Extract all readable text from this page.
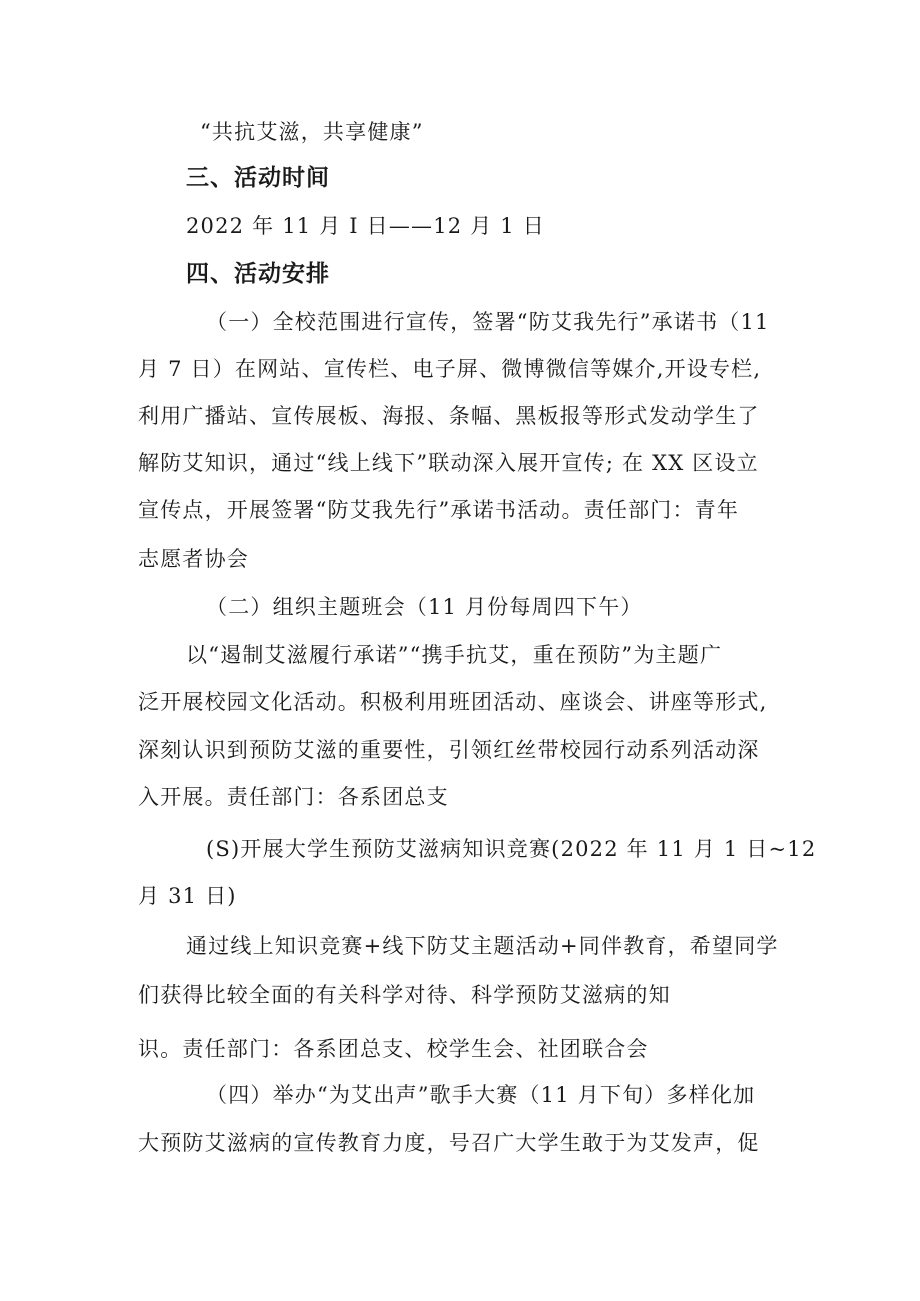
“共抗艾滋，共享健康”
三、活动时间
2022 年 11 月 I 日——12 月 1 日
四、活动安排
（一）全校范围进行宣传，签署“防艾我先行”承诺书（11
月 7 日）在网站、宣传栏、电子屏、微博微信等媒介,开设专栏,
利用广播站、宣传展板、海报、条幅、黑板报等形式发动学生了
解防艾知识，通过“线上线下”联动深入展开宣传; 在 XX 区设立
宣传点，开展签署“防艾我先行”承诺书活动。责任部门：青年
志愿者协会
（二）组织主题班会（11 月份每周四下午）
以“遏制艾滋履行承诺”“携手抗艾，重在预防”为主题广
泛开展校园文化活动。积极利用班团活动、座谈会、讲座等形式,
深刻认识到预防艾滋的重要性，引领红丝带校园行动系列活动深
入开展。责任部门：各系团总支
(S)开展大学生预防艾滋病知识竞赛(2022 年 11 月 1 日~12
月 31 日)
通过线上知识竞赛+线下防艾主题活动+同伴教育，希望同学
们获得比较全面的有关科学对待、科学预防艾滋病的知
识。责任部门：各系团总支、校学生会、社团联合会
（四）举办“为艾出声”歌手大赛（11 月下旬）多样化加
大预防艾滋病的宣传教育力度，号召广大学生敢于为艾发声，促
